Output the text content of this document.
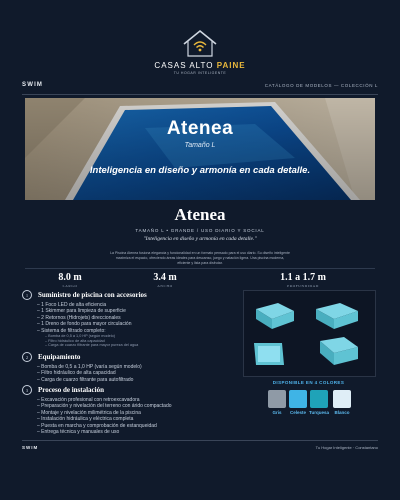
CASAS ALTO PAINE
TU HOGAR INTELIGENTE
SWIM	CATÁLOGO DE MODELOS — COLECCIÓN L
Atenea
Tamaño L
Inteligencia en diseño y armonía en cada detalle.
Atenea
TAMAÑO L • GRANDE / USO DIARIO Y SOCIAL
"Inteligencia en diseño y armonía en cada detalle."
La Piscina Atenea fusiona elegancia y funcionalidad en un formato pensado para el uso diario. Su diseño inteligente maximiza el espacio, ofreciendo áreas ideales para descanso, juego y natación ligera. Una piscina moderna, eficiente y lista para disfrutar.
8.0 m
LARGO
3.4 m
ANCHO
1.1 a 1.7 m
PROFUNDIDAD
1	Suministro de piscina con accesorios
– 1 Foco LED de alta eficiencia
– 1 Skimmer para limpieza de superficie
– 2 Retornos (Hidrojets) direccionales
– 1 Dreno de fondo para mayor circulación
– Sistema de filtrado completo:
– Bomba de 0,5 a 1,0 HP (según modelo)
– Filtro hidráulico de alta capacidad
– Carga de cuarzo filtrante para mayor pureza del agua
2	Equipamiento
– Bomba de 0,5 a 1,0 HP (varía según modelo)
– Filtro hidráulico de alta capacidad
– Carga de cuarzo filtrante para autofiltrado
3	Proceso de instalación
– Excavación profesional con retroexcavadora
– Preparación y nivelación del terreno con árido compactado
– Montaje y nivelación milimétrica de la piscina
– Instalación hidráulica y eléctrica completa
– Puesta en marcha y comprobación de estanqueidad
– Entrega técnica y manuales de uso
DISPONIBLE EN 4 COLORES
Gris	Celeste Turquesa	Blanco
SWIM	Tu Hogar Inteligente · Constantano
